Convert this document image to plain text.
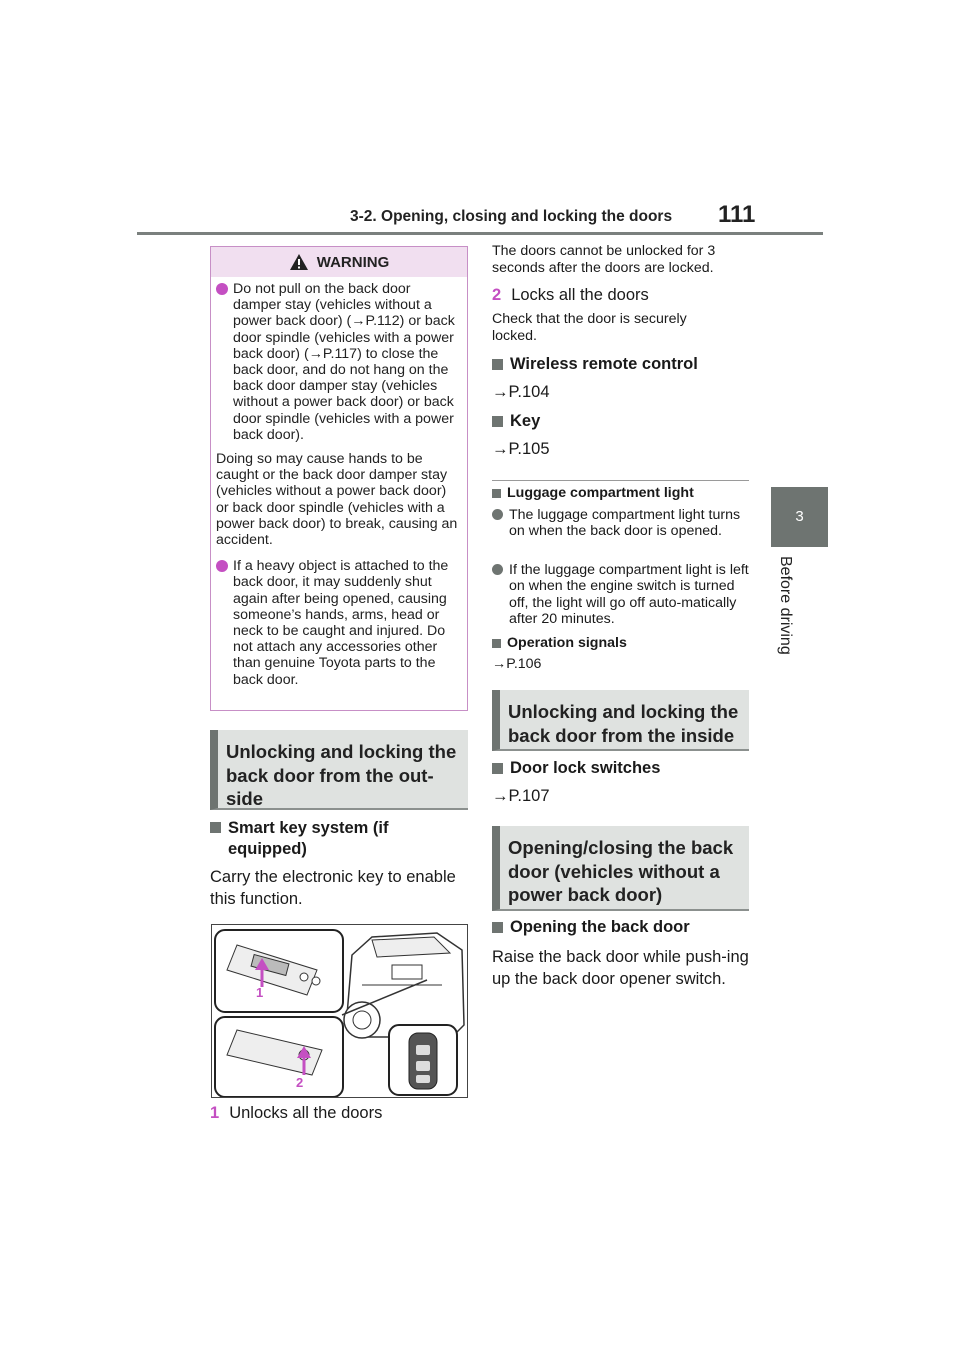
3-2. Opening, closing and locking the doors 111
3
Before driving
WARNING
Do not pull on the back door damper stay (vehicles without a power back door) (→P.112) or back door spindle (vehicles with a power back door) (→P.117) to close the back door, and do not hang on the back door damper stay (vehicles without a power back door) or back door spindle (vehicles with a power back door).

Doing so may cause hands to be caught or the back door damper stay (vehicles without a power back door) or back door spindle (vehicles with a power back door) to break, causing an accident.

If a heavy object is attached to the back door, it may suddenly shut again after being opened, causing someone’s hands, arms, head or neck to be caught and injured. Do not attach any accessories other than genuine Toyota parts to the back door.
Unlocking and locking the back door from the out-side
Smart key system (if equipped)
Carry the electronic key to enable this function.
1
2
1 Unlocks all the doors
The doors cannot be unlocked for 3 seconds after the doors are locked.
2 Locks all the doors
Check that the door is securely locked.
Wireless remote control
→P.104
Key
→P.105
Luggage compartment light
The luggage compartment light turns on when the back door is opened.
If the luggage compartment light is left on when the engine switch is turned off, the light will go off auto-matically after 20 minutes.
Operation signals
→P.106
Unlocking and locking the back door from the inside
Door lock switches
→P.107
Opening/closing the back door (vehicles without a power back door)
Opening the back door
Raise the back door while push-ing up the back door opener switch.
